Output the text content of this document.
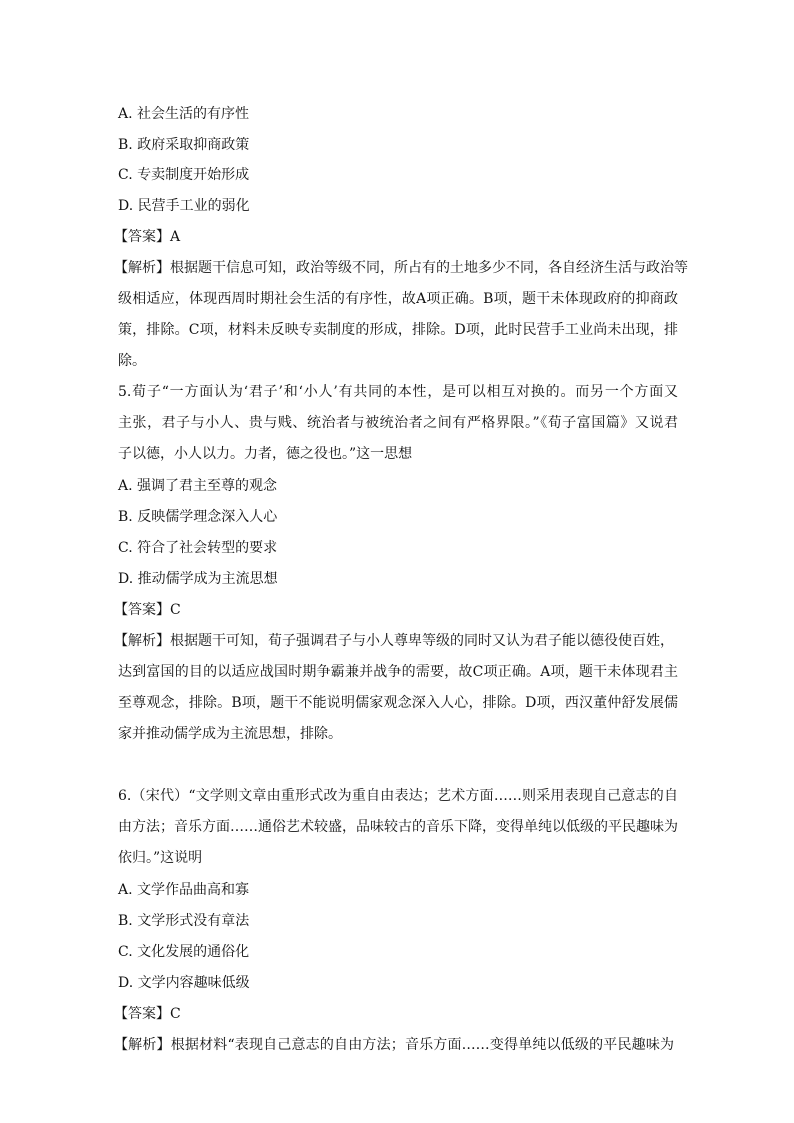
A. 社会生活的有序性
B. 政府采取抑商政策
C. 专卖制度开始形成
D. 民营手工业的弱化
【答案】A
【解析】根据题干信息可知，政治等级不同，所占有的土地多少不同，各自经济生活与政治等
级相适应，体现西周时期社会生活的有序性，故A项正确。B项，题干未体现政府的抑商政
策，排除。C项，材料未反映专卖制度的形成，排除。D项，此时民营手工业尚未出现，排
除。
5.荀子“一方面认为‘君子’和‘小人’有共同的本性，是可以相互对换的。而另一个方面又
主张，君子与小人、贵与贱、统治者与被统治者之间有严格界限。”《荀子富国篇》又说君
子以德，小人以力。力者，德之役也。”这一思想
A. 强调了君主至尊的观念
B. 反映儒学理念深入人心
C. 符合了社会转型的要求
D. 推动儒学成为主流思想
【答案】C
【解析】根据题干可知，荀子强调君子与小人尊卑等级的同时又认为君子能以德役使百姓，
达到富国的目的以适应战国时期争霸兼并战争的需要，故C项正确。A项，题干未体现君主
至尊观念，排除。B项，题干不能说明儒家观念深入人心，排除。D项，西汉董仲舒发展儒
家并推动儒学成为主流思想，排除。
6.（宋代）“文学则文章由重形式改为重自由表达；艺术方面……则采用表现自己意志的自
由方法；音乐方面……通俗艺术较盛，品味较古的音乐下降，变得单纯以低级的平民趣味为
依归。”这说明
A. 文学作品曲高和寡
B. 文学形式没有章法
C. 文化发展的通俗化
D. 文学内容趣味低级
【答案】C
【解析】根据材料“表现自己意志的自由方法；音乐方面……变得单纯以低级的平民趣味为
